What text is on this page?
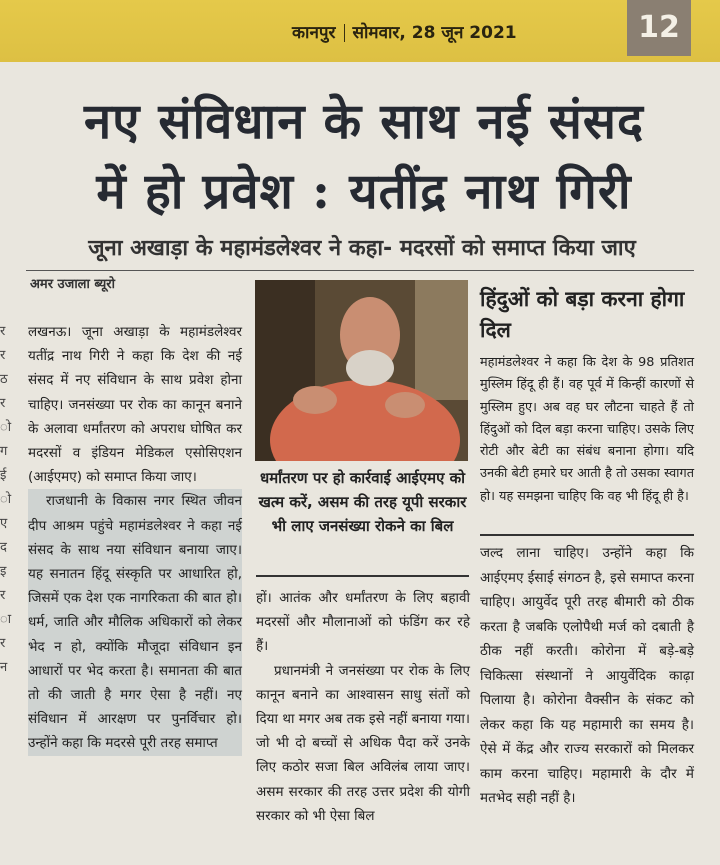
कानपुर सोमवार, 28 जून 2021	12
नए संविधान के साथ नई संसद
में हो प्रवेश : यतींद्र नाथ गिरी
जूना अखाड़ा के महामंडलेश्वर ने कहा- मदरसों को समाप्त किया जाए
अमर उजाला ब्यूरो
र
र
ठ
र
ो
ग
ई
ो
ए
द
इ
र
ा
र
न

लखनऊ। जूना अखाड़ा के महामंडलेश्वर यतींद्र नाथ गिरी ने कहा कि देश की नई संसद में नए संविधान के साथ प्रवेश होना चाहिए। जनसंख्या पर रोक का कानून बनाने के अलावा धर्मांतरण को अपराध घोषित कर मदरसों व इंडियन मेडिकल एसोसिएशन (आईएमए) को समाप्त किया जाए।

राजधानी के विकास नगर स्थित जीवन दीप आश्रम पहुंचे महामंडलेश्वर ने कहा नई संसद के साथ नया संविधान बनाया जाए। यह सनातन हिंदू संस्कृति पर आधारित हो, जिसमें एक देश एक नागरिकता की बात हो। धर्म, जाति और मौलिक अधिकारों को लेकर भेद न हो, क्योंकि मौजूदा संविधान इन आधारों पर भेद करता है। समानता की बात तो की जाती है मगर ऐसा है नहीं। नए संविधान में आरक्षण पर पुनर्विचार हो। उन्होंने कहा कि मदरसे पूरी तरह समाप्त

धर्मांतरण पर हो कार्रवाई आईएमए को खत्म करें, असम की तरह यूपी सरकार भी लाए जनसंख्या रोकने का बिल

हों। आतंक और धर्मांतरण के लिए बहावी मदरसों और मौलानाओं को फंडिंग कर रहे हैं।

प्रधानमंत्री ने जनसंख्या पर रोक के लिए कानून बनाने का आश्वासन साधु संतों को दिया था मगर अब तक इसे नहीं बनाया गया। जो भी दो बच्चों से अधिक पैदा करें उनके लिए कठोर सजा बिल अविलंब लाया जाए। असम सरकार की तरह उत्तर प्रदेश की योगी सरकार को भी ऐसा बिल

हिंदुओं को बड़ा करना होगा दिल
महामंडलेश्वर ने कहा कि देश के 98 प्रतिशत मुस्लिम हिंदू ही हैं। वह पूर्व में किन्हीं कारणों से मुस्लिम हुए। अब वह घर लौटना चाहते हैं तो हिंदुओं को दिल बड़ा करना चाहिए। उसके लिए रोटी और बेटी का संबंध बनाना होगा। यदि उनकी बेटी हमारे घर आती है तो उसका स्वागत हो। यह समझना चाहिए कि वह भी हिंदू ही है।

जल्द लाना चाहिए। उन्होंने कहा कि आईएमए ईसाई संगठन है, इसे समाप्त करना चाहिए। आयुर्वेद पूरी तरह बीमारी को ठीक करता है जबकि एलोपैथी मर्ज को दबाती है ठीक नहीं करती। कोरोना में बड़े-बड़े चिकित्सा संस्थानों ने आयुर्वेदिक काढ़ा पिलाया है। कोरोना वैक्सीन के संकट को लेकर कहा कि यह महामारी का समय है। ऐसे में केंद्र और राज्य सरकारों को मिलकर काम करना चाहिए। महामारी के दौर में मतभेद सही नहीं है।
